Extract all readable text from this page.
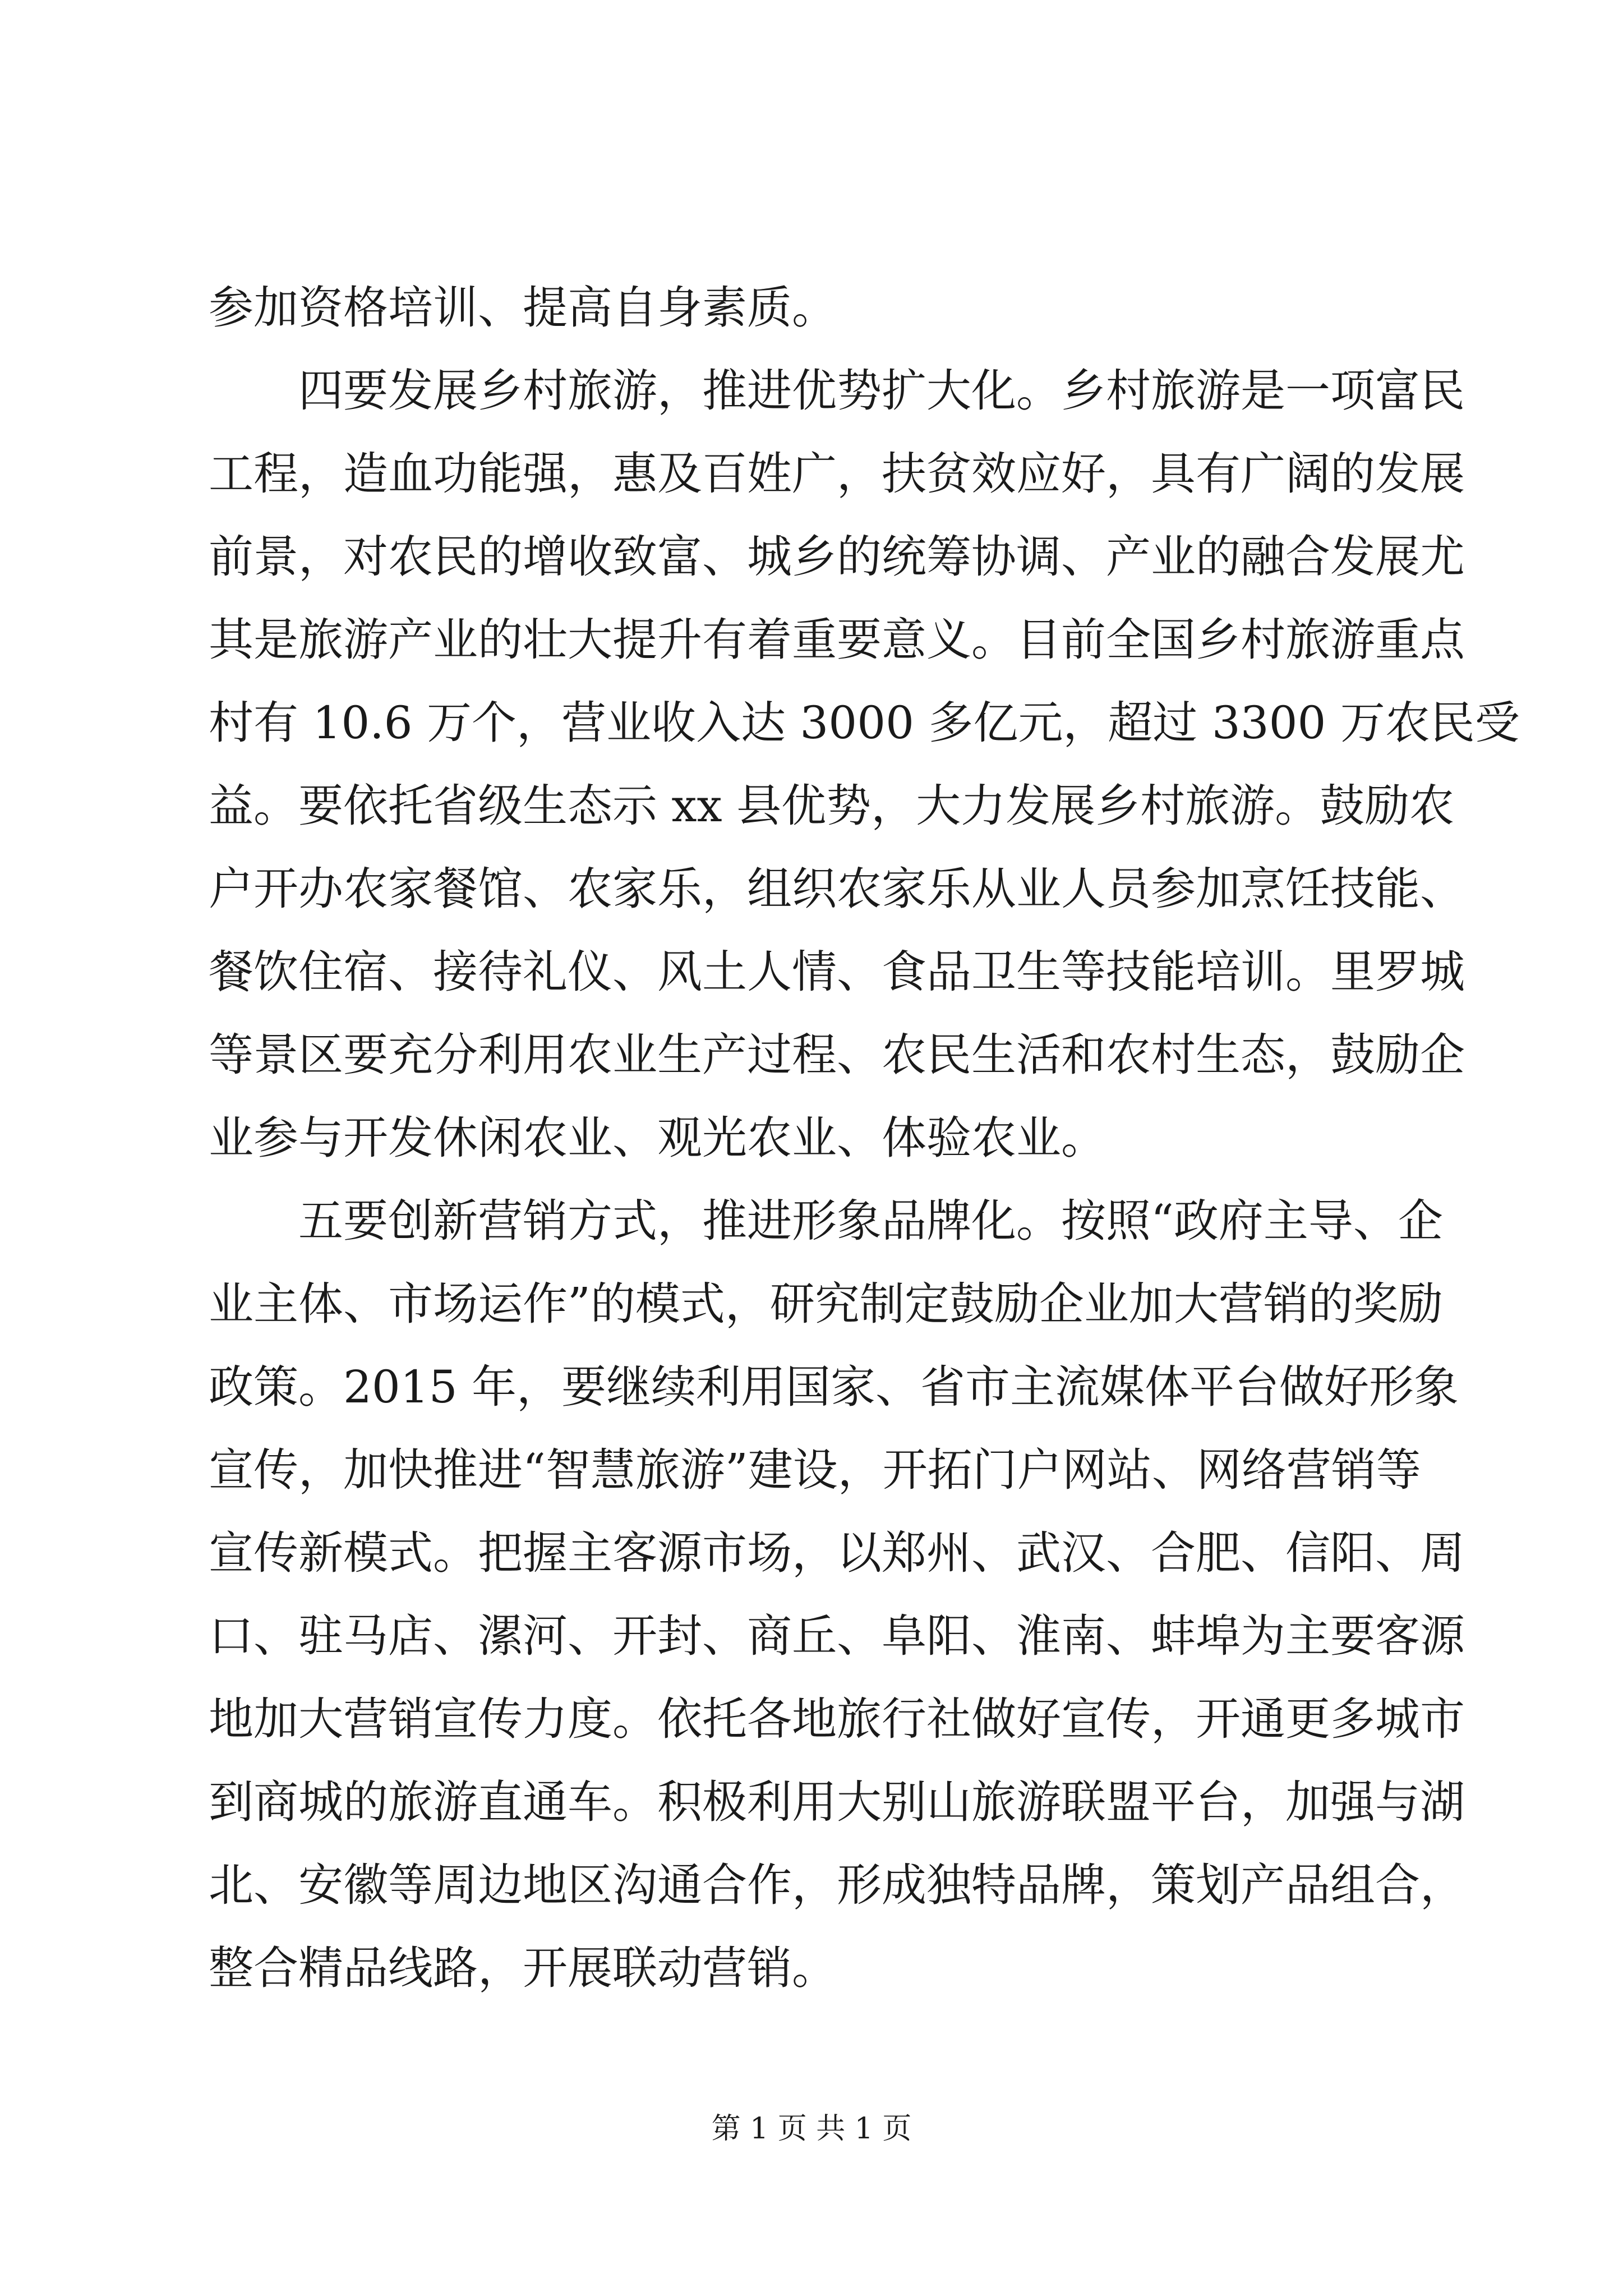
参加资格培训、提高自身素质。
　　四要发展乡村旅游，推进优势扩大化。乡村旅游是一项富民
工程，造血功能强，惠及百姓广，扶贫效应好，具有广阔的发展
前景，对农民的增收致富、城乡的统筹协调、产业的融合发展尤
其是旅游产业的壮大提升有着重要意义。目前全国乡村旅游重点
村有 10.6 万个，营业收入达 3000 多亿元，超过 3300 万农民受
益。要依托省级生态示 xx 县优势，大力发展乡村旅游。鼓励农
户开办农家餐馆、农家乐，组织农家乐从业人员参加烹饪技能、
餐饮住宿、接待礼仪、风土人情、食品卫生等技能培训。里罗城
等景区要充分利用农业生产过程、农民生活和农村生态，鼓励企
业参与开发休闲农业、观光农业、体验农业。
　　五要创新营销方式，推进形象品牌化。按照“政府主导、企
业主体、市场运作”的模式，研究制定鼓励企业加大营销的奖励
政策。2015 年，要继续利用国家、省市主流媒体平台做好形象
宣传，加快推进“智慧旅游”建设，开拓门户网站、网络营销等
宣传新模式。把握主客源市场，以郑州、武汉、合肥、信阳、周
口、驻马店、漯河、开封、商丘、阜阳、淮南、蚌埠为主要客源
地加大营销宣传力度。依托各地旅行社做好宣传，开通更多城市
到商城的旅游直通车。积极利用大别山旅游联盟平台，加强与湖
北、安徽等周边地区沟通合作，形成独特品牌，策划产品组合，
整合精品线路，开展联动营销。
第 1 页 共 1 页
